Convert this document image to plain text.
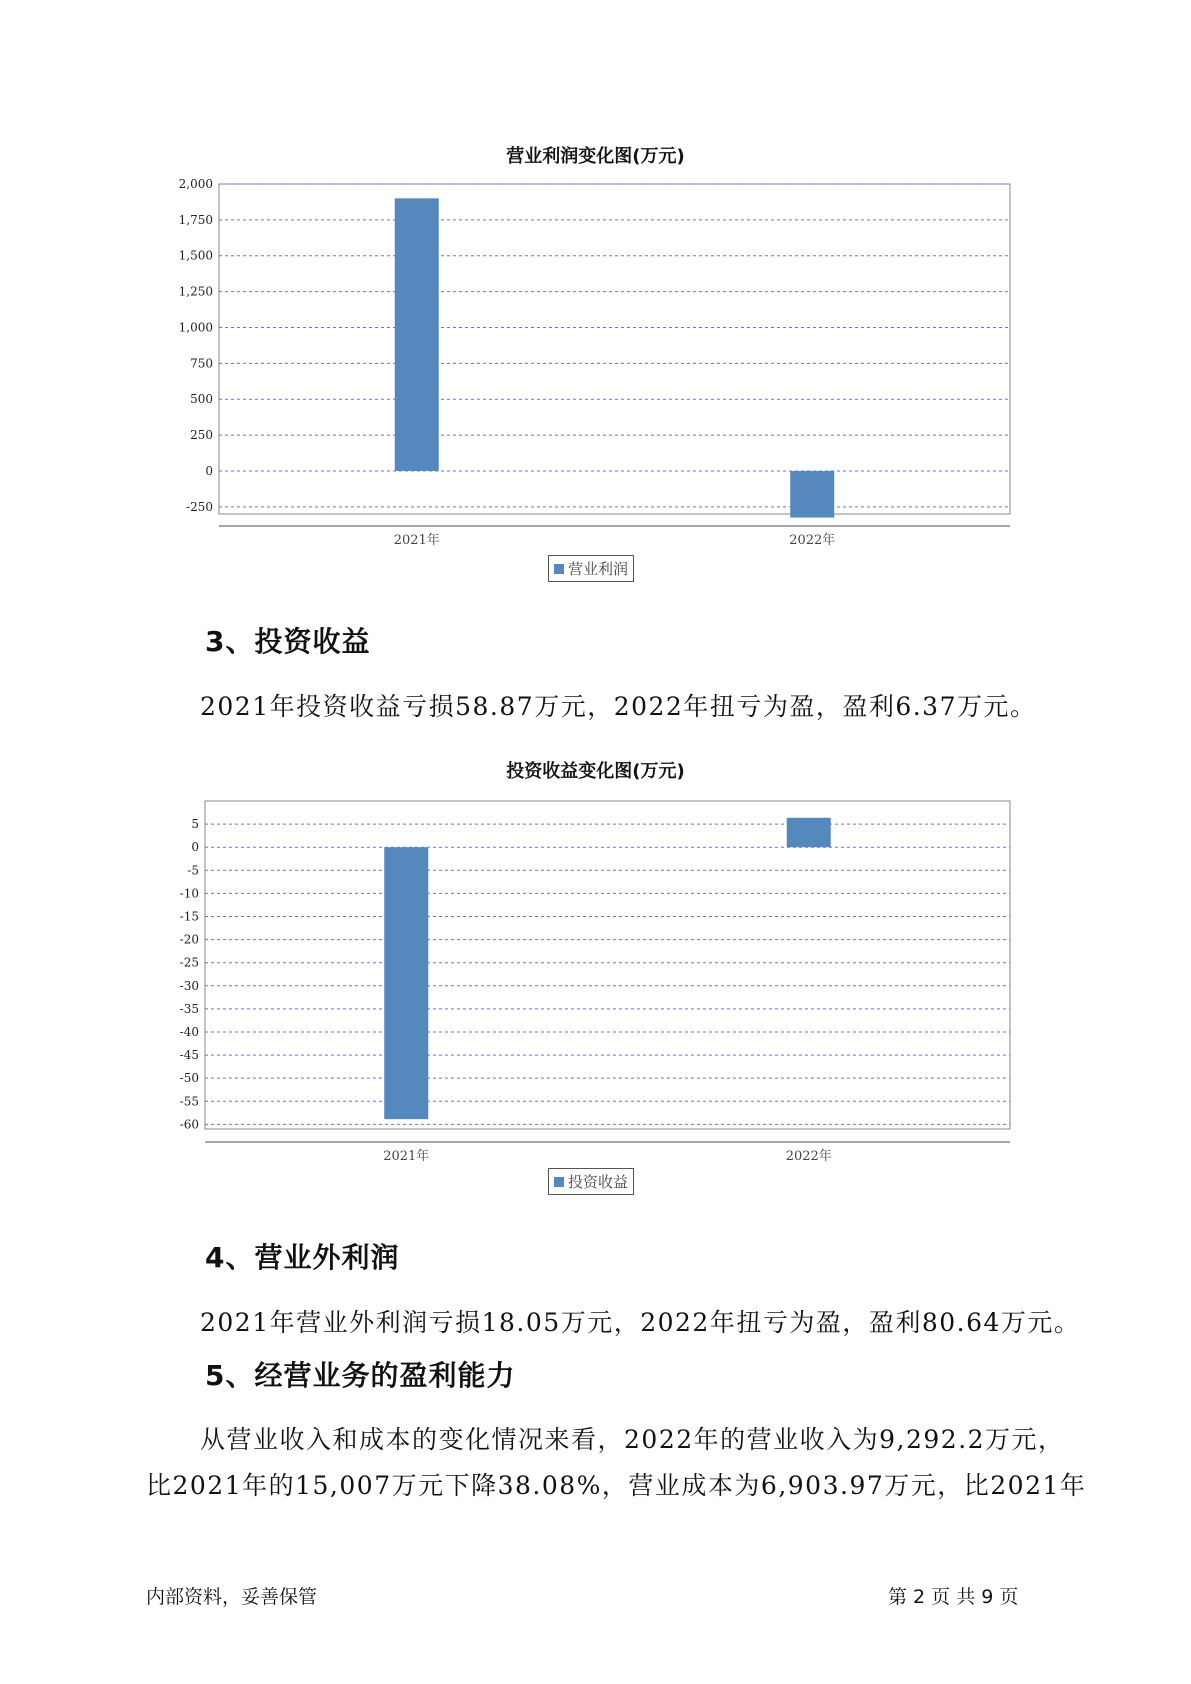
营业利润变化图(万元)
2,000
1,750
1,500
1,250
1,000
750
500
250
0
-250
2021年	2022年
营业利润
3、投资收益
2021年投资收益亏损58.87万元，2022年扭亏为盈，盈利6.37万元。
投资收益变化图(万元)
5
0
-5
-10
-15
-20
-25
-30
-35
-40
-45
-50
-55
-60
2021年	2022年
投资收益
4、营业外利润
2021年营业外利润亏损18.05万元，2022年扭亏为盈，盈利80.64万元。
5、经营业务的盈利能力
从营业收入和成本的变化情况来看，2022年的营业收入为9,292.2万元，
比2021年的15,007万元下降38.08%，营业成本为6,903.97万元，比2021年
内部资料，妥善保管	第 2 页 共 9 页
